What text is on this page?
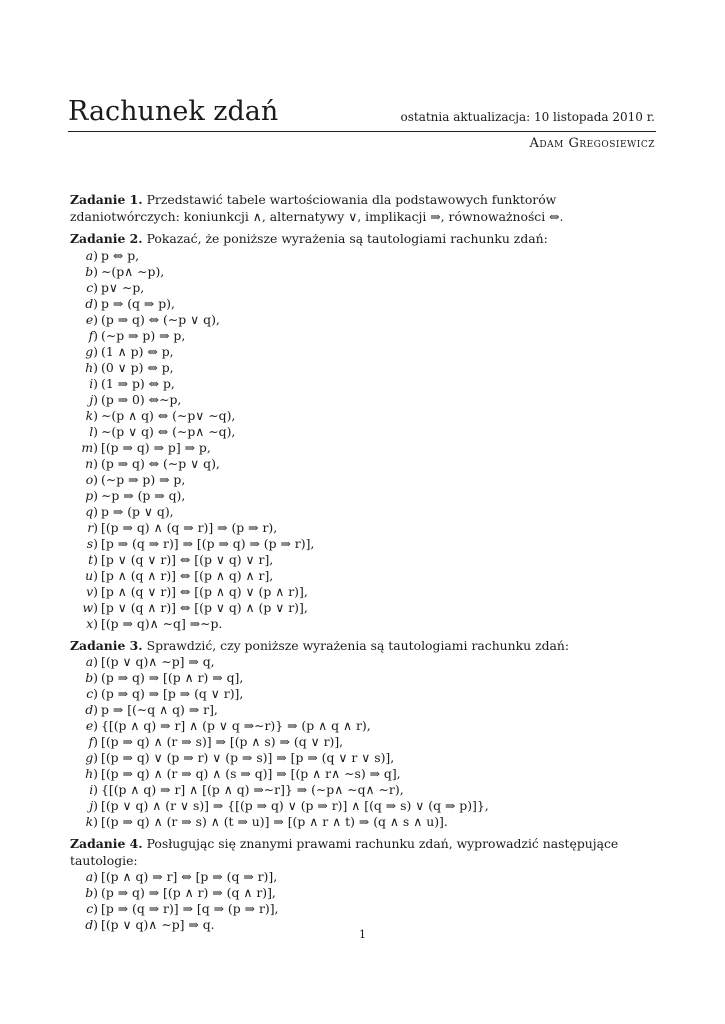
Rachunek zdań	ostatnia aktualizacja: 10 listopada 2010 r.
Adam Gregosiewicz
Zadanie 1. Przedstawić tabele wartościowania dla podstawowych funktorów zdaniotwórczych: koniunkcji ∧, alternatywy ∨, implikacji ⇒, równoważności ⇔.
Zadanie 2. Pokazać, że poniższe wyrażenia są tautologiami rachunku zdań:
a ) p ⇔ p,
b ) ∼(p∧ ∼p),
c ) p∨ ∼p,
d ) p ⇒ (q ⇒ p),
e ) (p ⇒ q) ⇔ (∼p ∨ q),
f ) (∼p ⇒ p) ⇒ p,
g ) (1 ∧ p) ⇔ p,
h ) (0 ∨ p) ⇔ p,
i ) (1 ⇒ p) ⇔ p,
j ) (p ⇒ 0) ⇔∼p,
k ) ∼(p ∧ q) ⇔ (∼p∨ ∼q),
l ) ∼(p ∨ q) ⇔ (∼p∧ ∼q),
m ) [(p ⇒ q) ⇒ p] ⇒ p,
n ) (p ⇒ q) ⇔ (∼p ∨ q),
o ) (∼p ⇒ p) ⇒ p,
p ) ∼p ⇒ (p ⇒ q),
q ) p ⇒ (p ∨ q),
r ) [(p ⇒ q) ∧ (q ⇒ r)] ⇒ (p ⇒ r),
s ) [p ⇒ (q ⇒ r)] ⇒ [(p ⇒ q) ⇒ (p ⇒ r)],
t ) [p ∨ (q ∨ r)] ⇔ [(p ∨ q) ∨ r],
u ) [p ∧ (q ∧ r)] ⇔ [(p ∧ q) ∧ r],
v ) [p ∧ (q ∨ r)] ⇔ [(p ∧ q) ∨ (p ∧ r)],
w ) [p ∨ (q ∧ r)] ⇔ [(p ∨ q) ∧ (p ∨ r)],
x ) [(p ⇒ q)∧ ∼q] ⇒∼p.
Zadanie 3. Sprawdzić, czy poniższe wyrażenia są tautologiami rachunku zdań:
a ) [(p ∨ q)∧ ∼p] ⇒ q,
b ) (p ⇒ q) ⇒ [(p ∧ r) ⇒ q],
c ) (p ⇒ q) ⇒ [p ⇒ (q ∨ r)],
d ) p ⇒ [(∼q ∧ q) ⇒ r],
e ) {[(p ∧ q) ⇒ r] ∧ (p ∨ q ⇒∼r)} ⇒ (p ∧ q ∧ r),
f ) [(p ⇒ q) ∧ (r ⇒ s)] ⇒ [(p ∧ s) ⇒ (q ∨ r)],
g ) [(p ⇒ q) ∨ (p ⇒ r) ∨ (p ⇒ s)] ⇒ [p ⇒ (q ∨ r ∨ s)],
h ) [(p ⇒ q) ∧ (r ⇒ q) ∧ (s ⇒ q)] ⇒ [(p ∧ r∧ ∼s) ⇒ q],
i ) {[(p ∧ q) ⇒ r] ∧ [(p ∧ q) ⇒∼r]} ⇒ (∼p∧ ∼q∧ ∼r),
j ) [(p ∨ q) ∧ (r ∨ s)] ⇒ {[(p ⇒ q) ∨ (p ⇒ r)] ∧ [(q ⇒ s) ∨ (q ⇒ p)]},
k ) [(p ⇒ q) ∧ (r ⇒ s) ∧ (t ⇒ u)] ⇒ [(p ∧ r ∧ t) ⇒ (q ∧ s ∧ u)].
Zadanie 4. Posługując się znanymi prawami rachunku zdań, wyprowadzić następujące tautologie:
a ) [(p ∧ q) ⇒ r] ⇔ [p ⇒ (q ⇒ r)],
b ) (p ⇒ q) ⇒ [(p ∧ r) ⇒ (q ∧ r)],
c ) [p ⇒ (q ⇒ r)] ⇒ [q ⇒ (p ⇒ r)],
d ) [(p ∨ q)∧ ∼p] ⇒ q.
1
